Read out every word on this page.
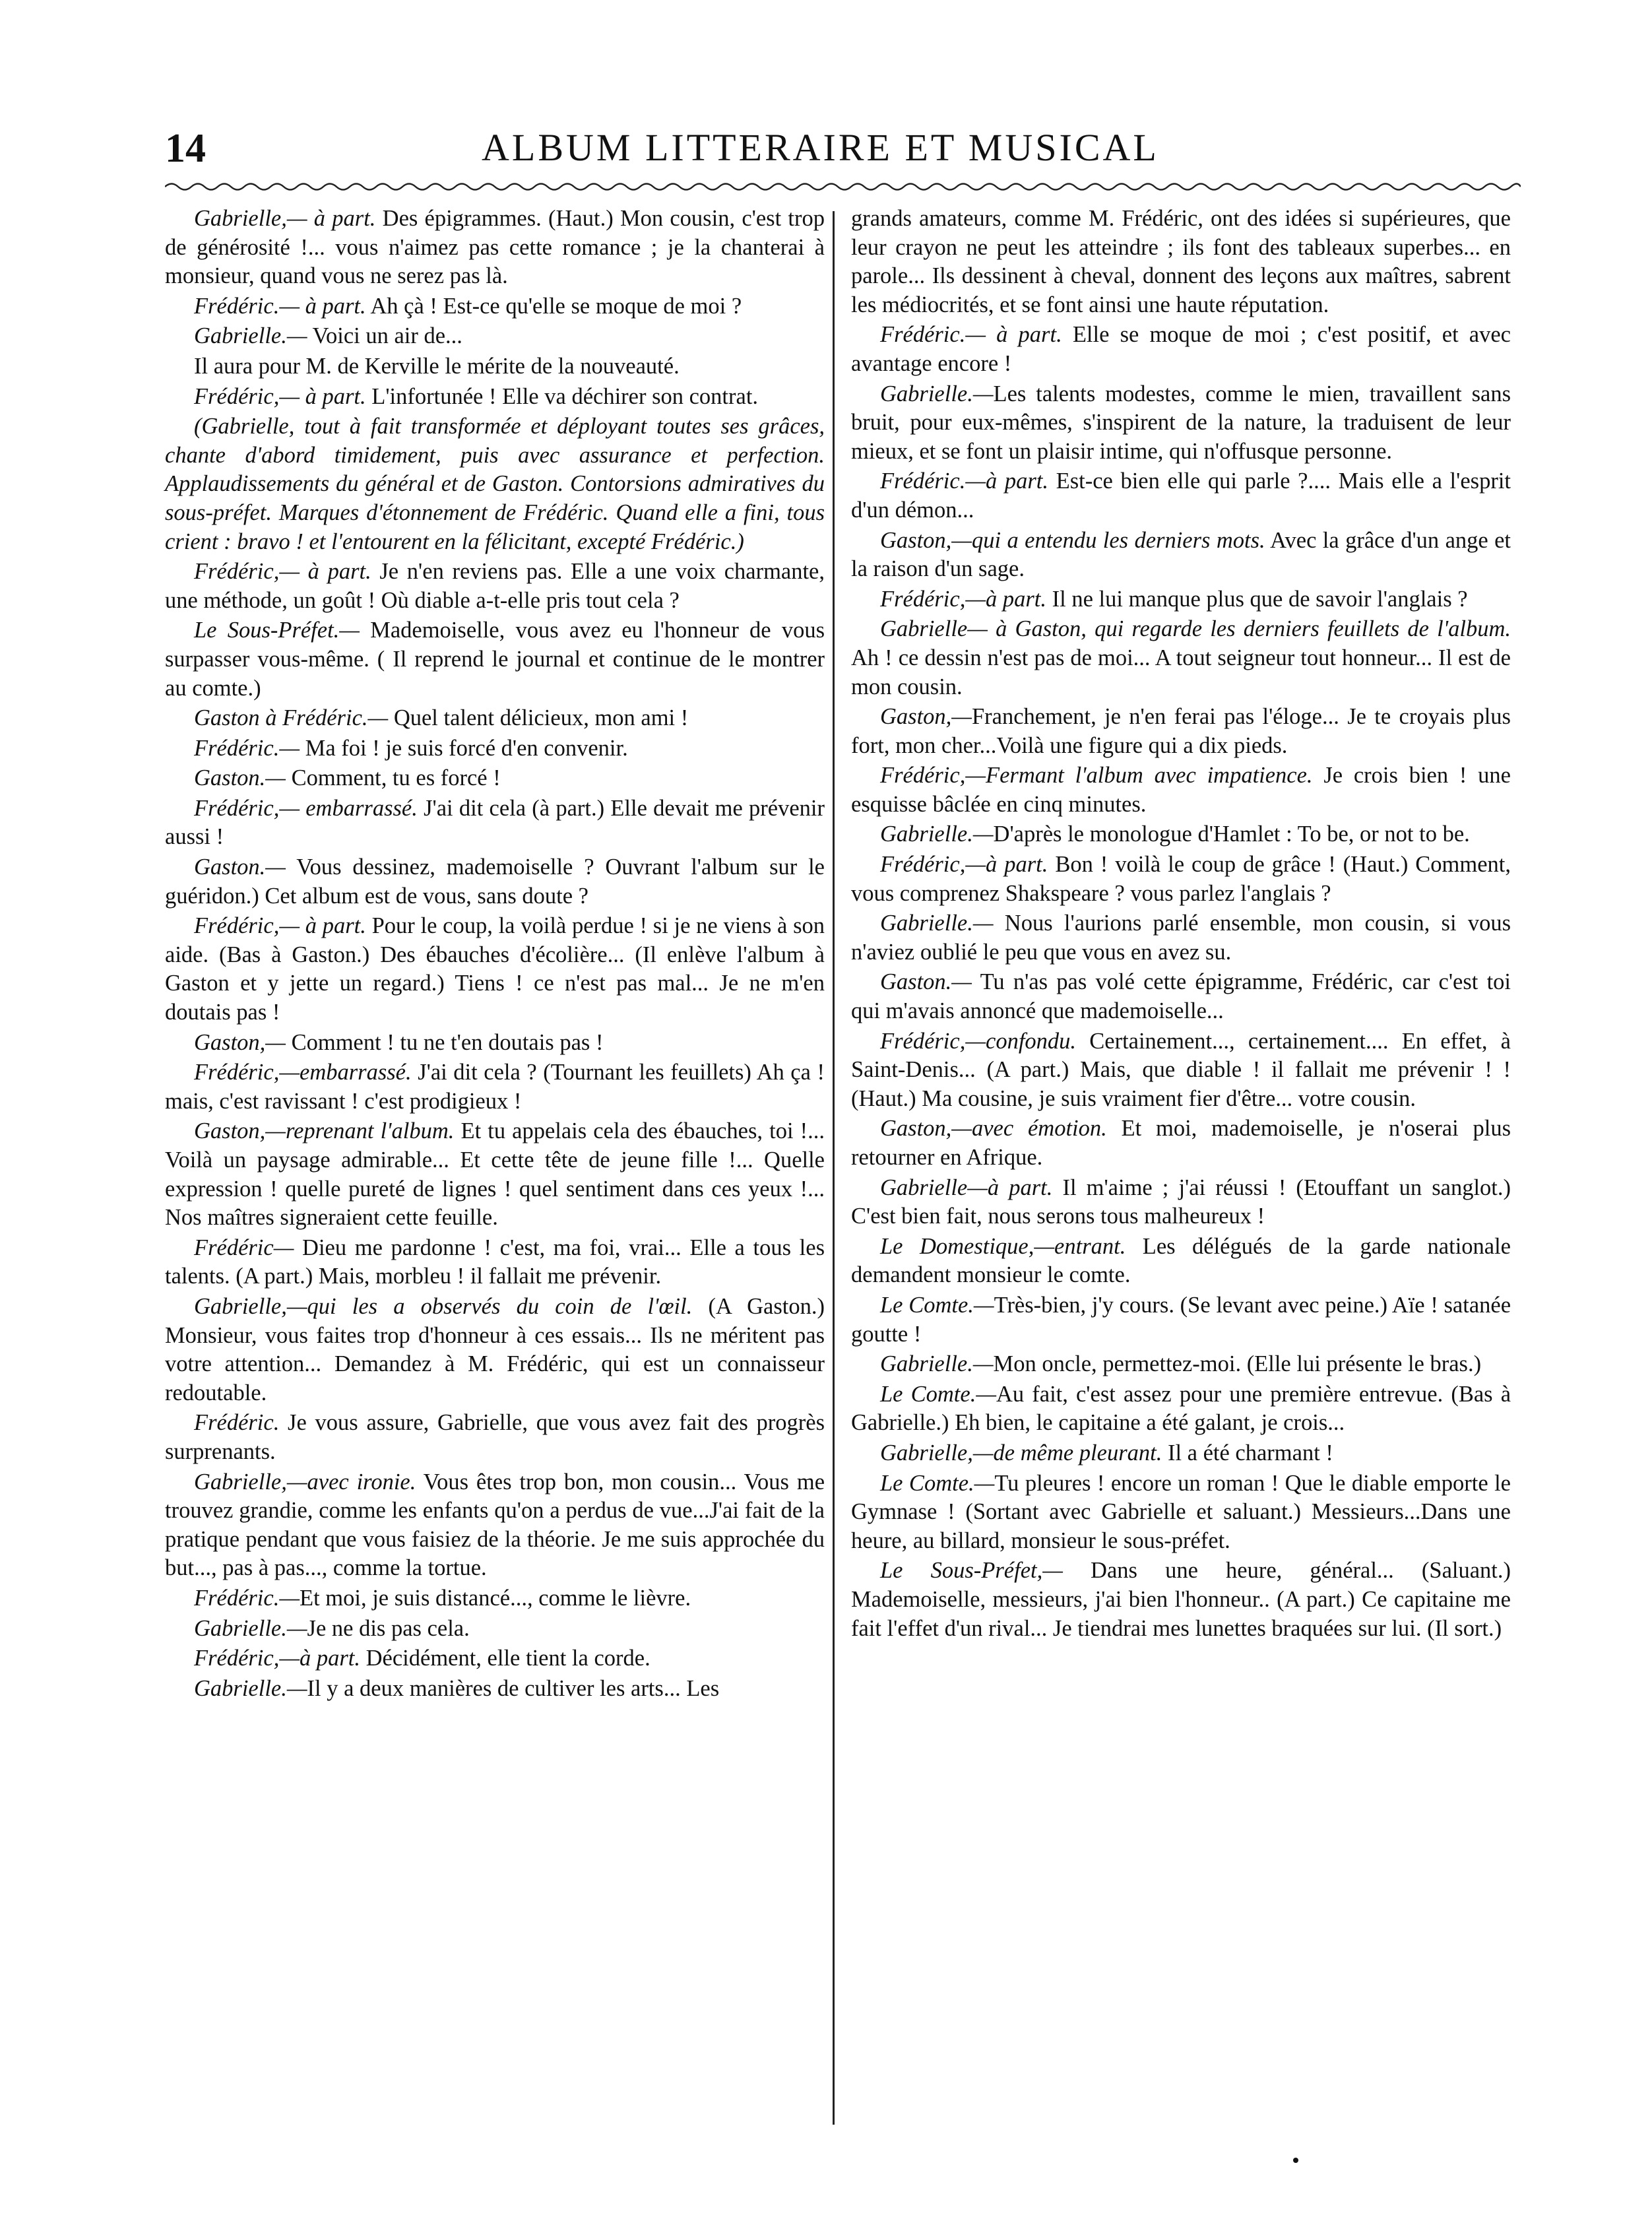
14	ALBUM LITTERAIRE ET MUSICAL

Gabrielle,— à part. Des épigrammes. (Haut.) Mon cousin, c'est trop de générosité !... vous n'aimez pas cette romance ; je la chanterai à monsieur, quand vous ne serez pas là.

Frédéric.— à part. Ah çà ! Est-ce qu'elle se moque de moi ?

Gabrielle.— Voici un air de...

Il aura pour M. de Kerville le mérite de la nouveauté.

Frédéric,— à part. L'infortunée ! Elle va déchirer son contrat.

(Gabrielle, tout à fait transformée et déployant toutes ses grâces, chante d'abord timidement, puis avec assurance et perfection. Applaudissements du général et de Gaston. Contorsions admiratives du sous-préfet. Marques d'étonnement de Frédéric. Quand elle a fini, tous crient : bravo ! et l'entourent en la félicitant, excepté Frédéric.)

Frédéric,— à part. Je n'en reviens pas. Elle a une voix charmante, une méthode, un goût ! Où diable a-t-elle pris tout cela ?

Le Sous-Préfet.— Mademoiselle, vous avez eu l'honneur de vous surpasser vous-même. ( Il reprend le journal et continue de le montrer au comte.)

Gaston à Frédéric.— Quel talent délicieux, mon ami !

Frédéric.— Ma foi ! je suis forcé d'en convenir.

Gaston.— Comment, tu es forcé !

Frédéric,— embarrassé. J'ai dit cela (à part.) Elle devait me prévenir aussi !

Gaston.— Vous dessinez, mademoiselle ? Ouvrant l'album sur le guéridon.) Cet album est de vous, sans doute ?

Frédéric,— à part. Pour le coup, la voilà perdue ! si je ne viens à son aide. (Bas à Gaston.) Des ébauches d'écolière... (Il enlève l'album à Gaston et y jette un regard.) Tiens ! ce n'est pas mal... Je ne m'en doutais pas !

Gaston,— Comment ! tu ne t'en doutais pas !

Frédéric,—embarrassé. J'ai dit cela ? (Tournant les feuillets) Ah ça ! mais, c'est ravissant ! c'est prodigieux !

Gaston,—reprenant l'album. Et tu appelais cela des ébauches, toi !... Voilà un paysage admirable... Et cette tête de jeune fille !... Quelle expression ! quelle pureté de lignes ! quel sentiment dans ces yeux !... Nos maîtres signeraient cette feuille.

Frédéric— Dieu me pardonne ! c'est, ma foi, vrai... Elle a tous les talents. (A part.) Mais, morbleu ! il fallait me prévenir.

Gabrielle,—qui les a observés du coin de l'œil. (A Gaston.) Monsieur, vous faites trop d'honneur à ces essais... Ils ne méritent pas votre attention... Demandez à M. Frédéric, qui est un connaisseur redoutable.

Frédéric. Je vous assure, Gabrielle, que vous avez fait des progrès surprenants.

Gabrielle,—avec ironie. Vous êtes trop bon, mon cousin... Vous me trouvez grandie, comme les enfants qu'on a perdus de vue...J'ai fait de la pratique pendant que vous faisiez de la théorie. Je me suis approchée du but..., pas à pas..., comme la tortue.

Frédéric.—Et moi, je suis distancé..., comme le lièvre.

Gabrielle.—Je ne dis pas cela.

Frédéric,—à part. Décidément, elle tient la corde.

Gabrielle.—Il y a deux manières de cultiver les arts... Les

grands amateurs, comme M. Frédéric, ont des idées si supérieures, que leur crayon ne peut les atteindre ; ils font des tableaux superbes... en parole... Ils dessinent à cheval, donnent des leçons aux maîtres, sabrent les médiocrités, et se font ainsi une haute réputation.

Frédéric.— à part. Elle se moque de moi ; c'est positif, et avec avantage encore !

Gabrielle.—Les talents modestes, comme le mien, travaillent sans bruit, pour eux-mêmes, s'inspirent de la nature, la traduisent de leur mieux, et se font un plaisir intime, qui n'offusque personne.

Frédéric.—à part. Est-ce bien elle qui parle ?.... Mais elle a l'esprit d'un démon...

Gaston,—qui a entendu les derniers mots. Avec la grâce d'un ange et la raison d'un sage.

Frédéric,—à part. Il ne lui manque plus que de savoir l'anglais ?

Gabrielle— à Gaston, qui regarde les derniers feuillets de l'album. Ah ! ce dessin n'est pas de moi... A tout seigneur tout honneur... Il est de mon cousin.

Gaston,—Franchement, je n'en ferai pas l'éloge... Je te croyais plus fort, mon cher...Voilà une figure qui a dix pieds.

Frédéric,—Fermant l'album avec impatience. Je crois bien ! une esquisse bâclée en cinq minutes.

Gabrielle.—D'après le monologue d'Hamlet : To be, or not to be.

Frédéric,—à part. Bon ! voilà le coup de grâce ! (Haut.) Comment, vous comprenez Shakspeare ? vous parlez l'anglais ?

Gabrielle.— Nous l'aurions parlé ensemble, mon cousin, si vous n'aviez oublié le peu que vous en avez su.

Gaston.— Tu n'as pas volé cette épigramme, Frédéric, car c'est toi qui m'avais annoncé que mademoiselle...

Frédéric,—confondu. Certainement..., certainement.... En effet, à Saint-Denis... (A part.) Mais, que diable ! il fallait me prévenir ! ! (Haut.) Ma cousine, je suis vraiment fier d'être... votre cousin.

Gaston,—avec émotion. Et moi, mademoiselle, je n'oserai plus retourner en Afrique.

Gabrielle—à part. Il m'aime ; j'ai réussi ! (Etouffant un sanglot.) C'est bien fait, nous serons tous malheureux !

Le Domestique,—entrant. Les délégués de la garde nationale demandent monsieur le comte.

Le Comte.—Très-bien, j'y cours. (Se levant avec peine.) Aïe ! satanée goutte !

Gabrielle.—Mon oncle, permettez-moi. (Elle lui présente le bras.)

Le Comte.—Au fait, c'est assez pour une première entrevue. (Bas à Gabrielle.) Eh bien, le capitaine a été galant, je crois...

Gabrielle,—de même pleurant. Il a été charmant !

Le Comte.—Tu pleures ! encore un roman ! Que le diable emporte le Gymnase ! (Sortant avec Gabrielle et saluant.) Messieurs...Dans une heure, au billard, monsieur le sous-préfet.

Le Sous-Préfet,— Dans une heure, général... (Saluant.) Mademoiselle, messieurs, j'ai bien l'honneur.. (A part.) Ce capitaine me fait l'effet d'un rival... Je tiendrai mes lunettes braquées sur lui. (Il sort.)
